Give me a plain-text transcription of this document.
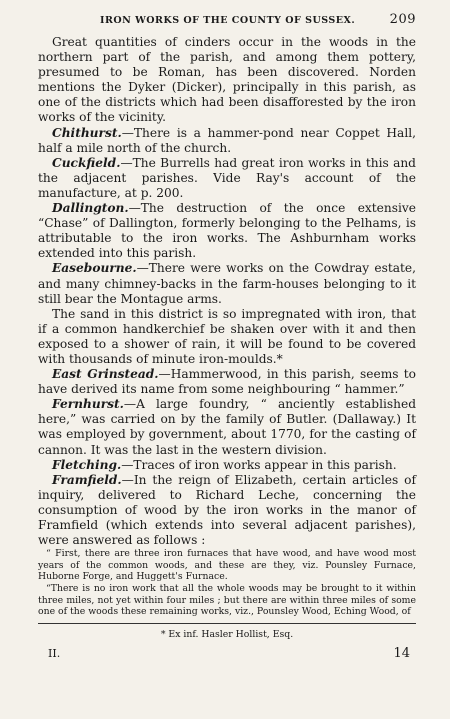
IRON WORKS OF THE COUNTY OF SUSSEX.	209

Great quantities of cinders occur in the woods in the northern part of the parish, and among them pottery, presumed to be Roman, has been discovered. Norden mentions the Dyker (Dicker), principally in this parish, as one of the districts which had been disafforested by the iron works of the vicinity.

Chithurst.—There is a hammer-pond near Coppet Hall, half a mile north of the church.

Cuckfield.—The Burrells had great iron works in this and the adjacent parishes. Vide Ray's account of the manufacture, at p. 200.

Dallington.—The destruction of the once extensive “Chase” of Dallington, formerly belonging to the Pelhams, is attributable to the iron works. The Ashburnham works extended into this parish.

Easebourne.—There were works on the Cowdray estate, and many chimney-backs in the farm-houses belonging to it still bear the Montague arms.

The sand in this district is so impregnated with iron, that if a common handkerchief be shaken over with it and then exposed to a shower of rain, it will be found to be covered with thousands of minute iron-moulds.*

East Grinstead.—Hammerwood, in this parish, seems to have derived its name from some neighbouring “ hammer.”

Fernhurst.—A large foundry, “ anciently established here,” was carried on by the family of Butler. (Dallaway.) It was employed by government, about 1770, for the casting of cannon. It was the last in the western division.

Fletching.—Traces of iron works appear in this parish.

Framfield.—In the reign of Elizabeth, certain articles of inquiry, delivered to Richard Leche, concerning the consumption of wood by the iron works in the manor of Framfield (which extends into several adjacent parishes), were answered as follows :

“ First, there are three iron furnaces that have wood, and have wood most years of the common woods, and these are they, viz. Pounsley Furnace, Huborne Forge, and Huggett's Furnace.

“There is no iron work that all the whole woods may be brought to it within three miles, not yet within four miles ; but there are within three miles of some one of the woods these remaining works, viz., Pounsley Wood, Eching Wood, of

* Ex inf. Hasler Hollist, Esq.

II.	14
